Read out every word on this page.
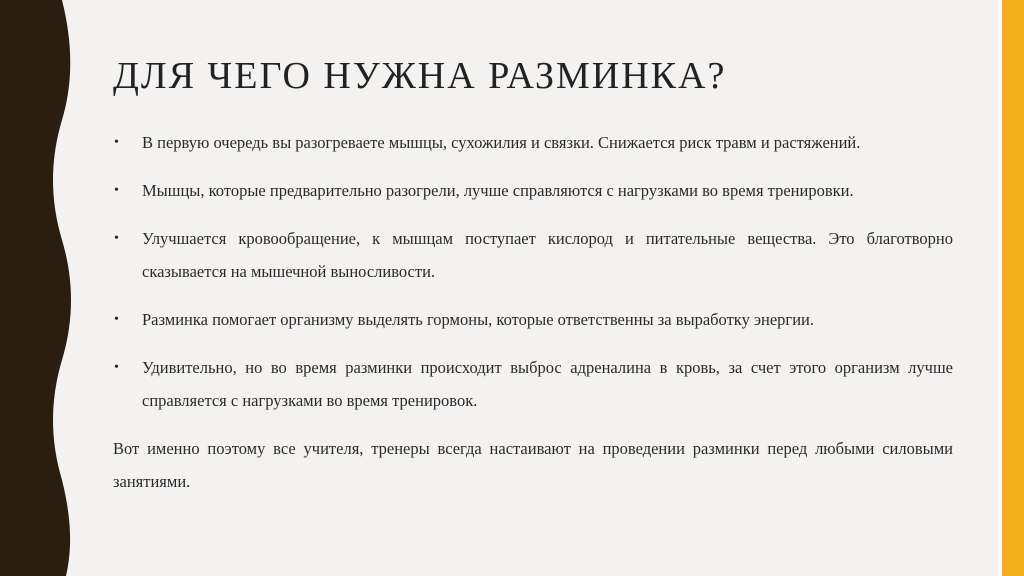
ДЛЯ ЧЕГО НУЖНА РАЗМИНКА?
• В первую очередь вы разогреваете мышцы, сухожилия и связки. Снижается риск травм и растяжений.
• Мышцы, которые предварительно разогрели, лучше справляются с нагрузками во время тренировки.
• Улучшается кровообращение, к мышцам поступает кислород и питательные вещества. Это благотворно сказывается на мышечной выносливости.
• Разминка помогает организму выделять гормоны, которые ответственны за выработку энергии.
• Удивительно, но во время разминки происходит выброс адреналина в кровь, за счет этого организм лучше справляется с нагрузками во время тренировок.

Вот именно поэтому все учителя, тренеры всегда настаивают на проведении разминки перед любыми силовыми занятиями.
